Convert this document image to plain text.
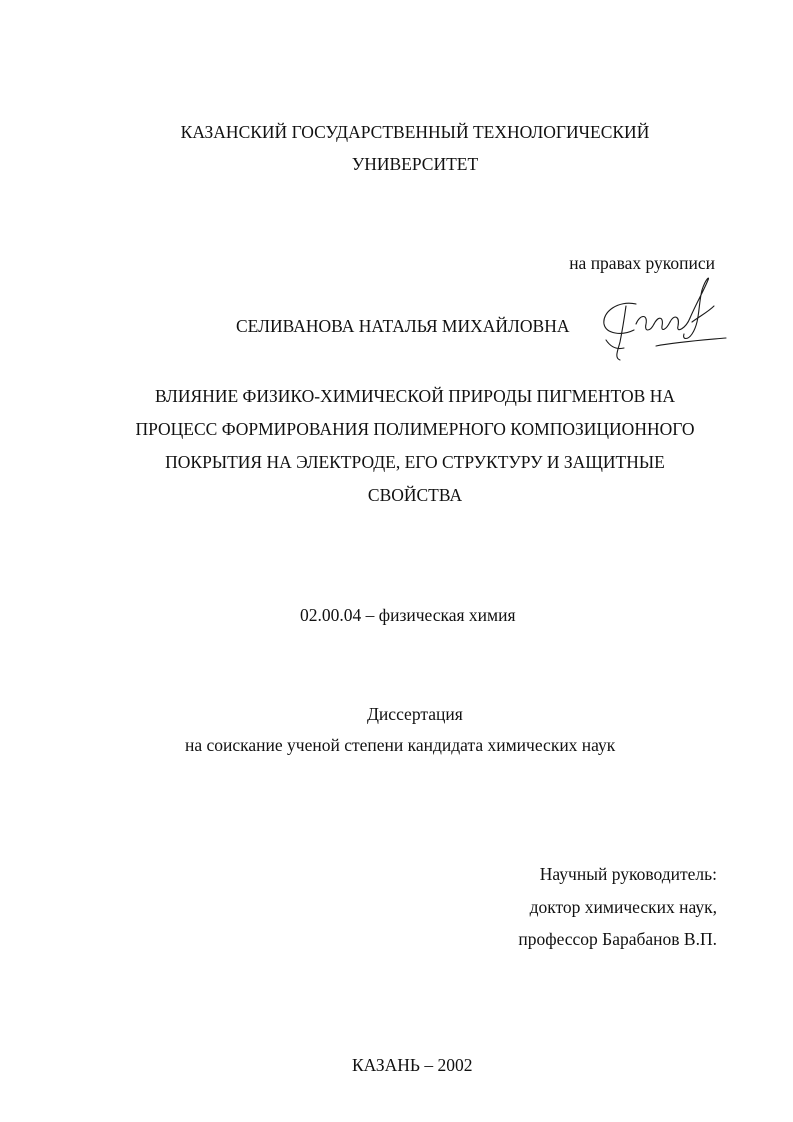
КАЗАНСКИЙ ГОСУДАРСТВЕННЫЙ ТЕХНОЛОГИЧЕСКИЙ
УНИВЕРСИТЕТ
на правах рукописи
СЕЛИВАНОВА НАТАЛЬЯ МИХАЙЛОВНА
ВЛИЯНИЕ ФИЗИКО-ХИМИЧЕСКОЙ ПРИРОДЫ ПИГМЕНТОВ НА
ПРОЦЕСС ФОРМИРОВАНИЯ ПОЛИМЕРНОГО КОМПОЗИЦИОННОГО
ПОКРЫТИЯ НА ЭЛЕКТРОДЕ, ЕГО СТРУКТУРУ И ЗАЩИТНЫЕ
СВОЙСТВА
02.00.04 – физическая химия
Диссертация
на соискание ученой степени кандидата химических наук
Научный руководитель:
доктор химических наук,
профессор Барабанов В.П.
КАЗАНЬ – 2002
